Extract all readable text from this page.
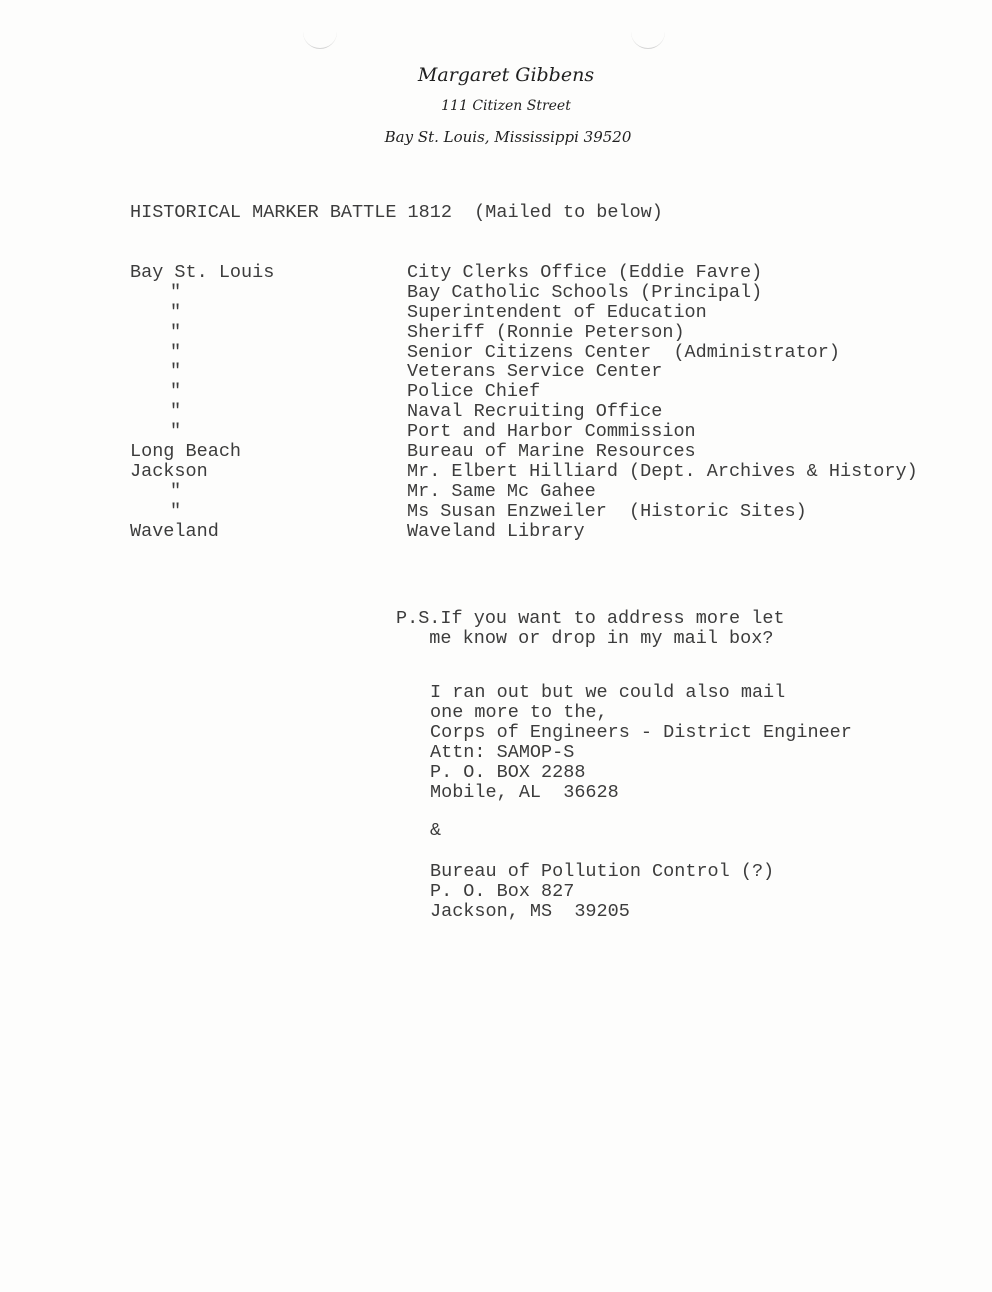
Margaret Gibbens
111 Citizen Street
Bay St. Louis, Mississippi 39520
HISTORICAL MARKER BATTLE 1812  (Mailed to below)
Bay St. Louis	City Clerks Office (Eddie Favre)
"	Bay Catholic Schools (Principal)
"	Superintendent of Education
"	Sheriff (Ronnie Peterson)
"	Senior Citizens Center  (Administrator)
"	Veterans Service Center
"	Police Chief
"	Naval Recruiting Office
"	Port and Harbor Commission
Long Beach	Bureau of Marine Resources
Jackson	Mr. Elbert Hilliard (Dept. Archives & History)
"	Mr. Same Mc Gahee
"	Ms Susan Enzweiler  (Historic Sites)
Waveland	Waveland Library
P.S.If you want to address more let
me know or drop in my mail box?
I ran out but we could also mail
one more to the,
Corps of Engineers - District Engineer
Attn: SAMOP-S
P. O. BOX 2288
Mobile, AL  36628
&
Bureau of Pollution Control (?)
P. O. Box 827
Jackson, MS  39205
